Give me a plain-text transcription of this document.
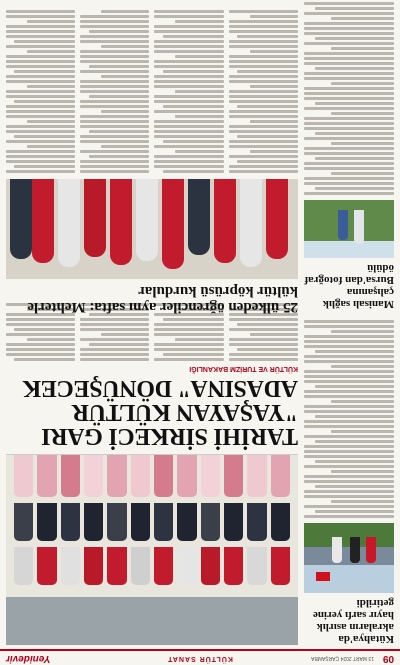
09
13 MART 2024 ÇARŞAMBA
KÜLTÜR SANAT
Yenidevir
Kütahya'da akraların asırlık hayır sarfı yerine getirildi
Manisalı sağlık çalışanına Bursa'dan fotoğraf ödülü
TARİHİ SİRKECİ GARI "YAŞAYAN KÜLTÜR ADASINA" DÖNÜŞECEK
KÜLTÜR VE TURİZM BAKANLIĞI
25 ülkeden öğrenciler aynı safta: Mehterle kültür köprüsü kurdular
